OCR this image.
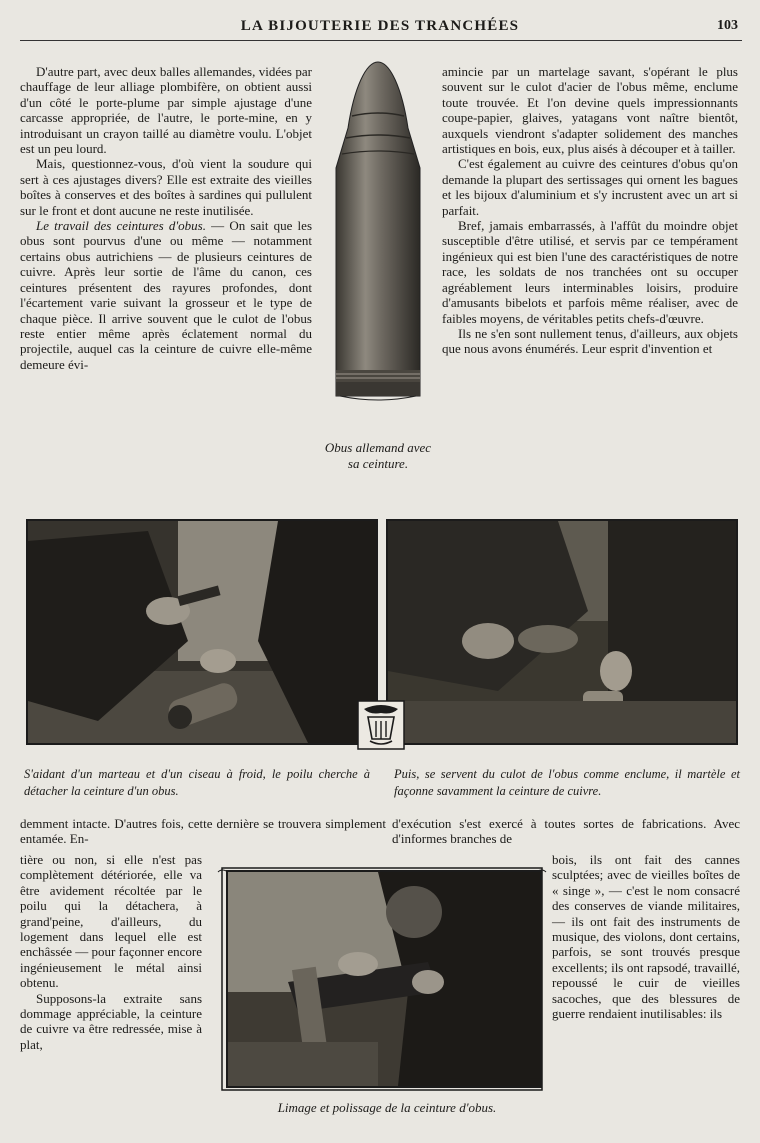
LA BIJOUTERIE DES TRANCHÉES	103

D'autre part, avec deux balles allemandes, vidées par chauffage de leur alliage plombifère, on obtient aussi d'un côté le porte-plume par simple ajustage d'une carcasse appropriée, de l'autre, le porte-mine, en y introduisant un crayon taillé au diamètre voulu. L'objet est un peu lourd.

Mais, questionnez-vous, d'où vient la soudure qui sert à ces ajustages divers? Elle est extraite des vieilles boîtes à conserves et des boîtes à sardines qui pullulent sur le front et dont aucune ne reste inutilisée.

Le travail des ceintures d'obus. — On sait que les obus sont pourvus d'une ou même — notamment certains obus autrichiens — de plusieurs ceintures de cuivre. Après leur sortie de l'âme du canon, ces ceintures présentent des rayures profondes, dont l'écartement varie suivant la grosseur et le type de chaque pièce. Il arrive souvent que le culot de l'obus reste entier même après éclatement normal du projectile, auquel cas la ceinture de cuivre elle-même demeure évi-

Obus allemand avec sa ceinture.

amincie par un martelage savant, s'opérant le plus souvent sur le culot d'acier de l'obus même, enclume toute trouvée. Et l'on devine quels impressionnants coupe-papier, glaives, yatagans vont naître bientôt, auxquels viendront s'adapter solidement des manches artistiques en bois, eux, plus aisés à découper et à tailler.

C'est également au cuivre des ceintures d'obus qu'on demande la plupart des sertissages qui ornent les bagues et les bijoux d'aluminium et s'y incrustent avec un art si parfait.

Bref, jamais embarrassés, à l'affût du moindre objet susceptible d'être utilisé, et servis par ce tempérament ingénieux qui est bien l'une des caractéristiques de notre race, les soldats de nos tranchées ont su occuper agréablement leurs interminables loisirs, produire d'amusants bibelots et parfois même réaliser, avec de faibles moyens, de véritables petits chefs-d'œuvre.

Ils ne s'en sont nullement tenus, d'ailleurs, aux objets que nous avons énumérés. Leur esprit d'invention et

S'aidant d'un marteau et d'un ciseau à froid, le poilu cherche à détacher la ceinture d'un obus.
Puis, se servent du culot de l'obus comme enclume, il martèle et façonne savamment la ceinture de cuivre.

demment intacte. D'autres fois, cette dernière se trouvera simplement entamée. En-

d'exécution s'est exercé à toutes sortes de fabrications. Avec d'informes branches de

tière ou non, si elle n'est pas complètement détériorée, elle va être avidement récoltée par le poilu qui la détachera, à grand'peine, d'ailleurs, du logement dans lequel elle est enchâssée — pour façonner encore ingénieusement le métal ainsi obtenu.

Supposons-la extraite sans dommage appréciable, la ceinture de cuivre va être redressée, mise à plat,

bois, ils ont fait des cannes sculptées; avec de vieilles boîtes de « singe », — c'est le nom consacré des conserves de viande militaires, — ils ont fait des instruments de musique, des violons, dont certains, parfois, se sont trouvés presque excellents; ils ont rapsodé, travaillé, repoussé le cuir de vieilles sacoches, que des blessures de guerre rendaient inutilisables: ils

Limage et polissage de la ceinture d'obus.
